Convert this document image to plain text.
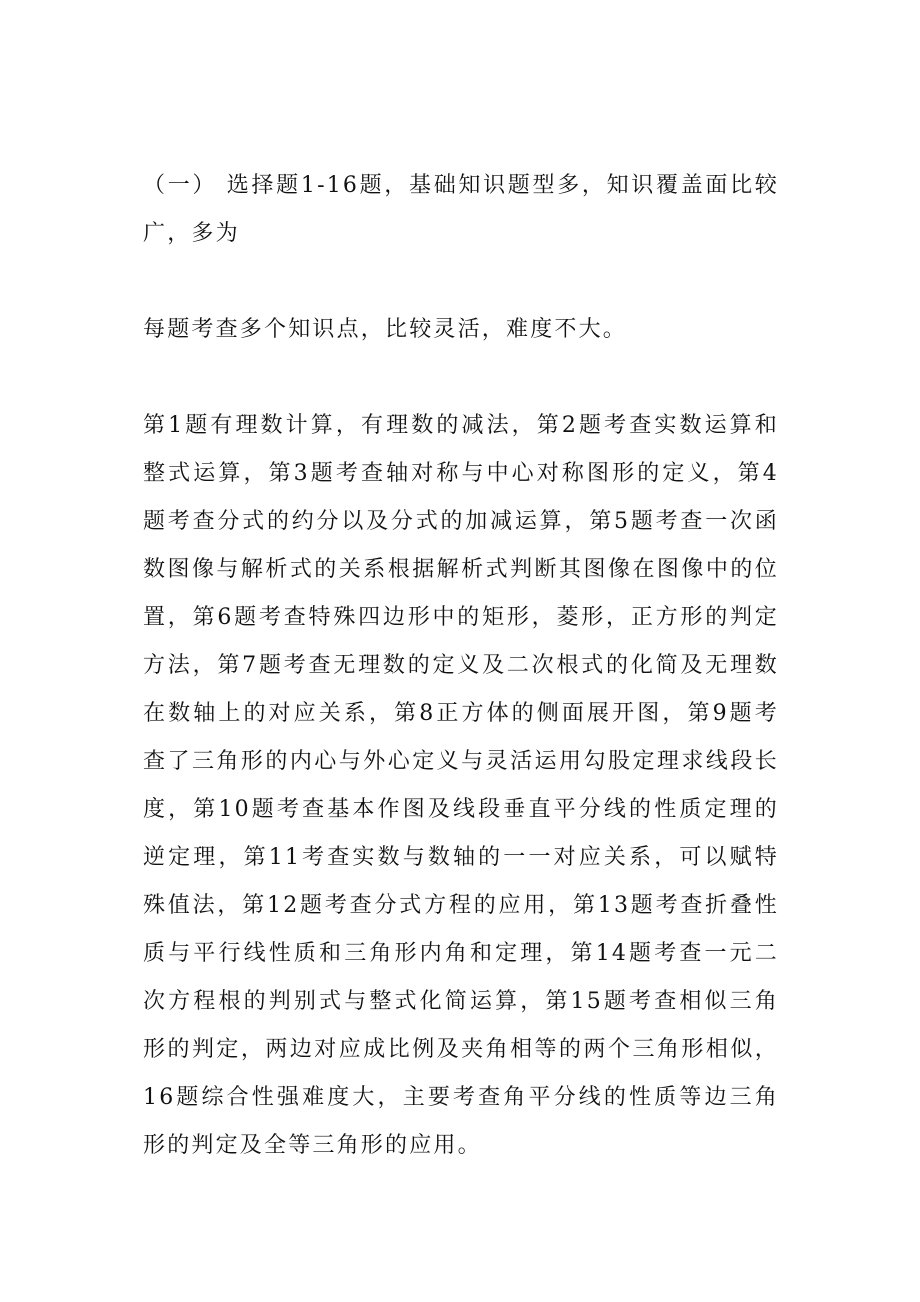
（一） 选择题1-16题，基础知识题型多，知识覆盖面比较广，多为

每题考查多个知识点，比较灵活，难度不大。

第1题有理数计算，有理数的减法，第2题考查实数运算和整式运算，第3题考查轴对称与中心对称图形的定义，第4题考查分式的约分以及分式的加减运算，第5题考查一次函数图像与解析式的关系根据解析式判断其图像在图像中的位置，第6题考查特殊四边形中的矩形，菱形，正方形的判定方法，第7题考查无理数的定义及二次根式的化简及无理数在数轴上的对应关系，第8正方体的侧面展开图，第9题考查了三角形的内心与外心定义与灵活运用勾股定理求线段长度，第10题考查基本作图及线段垂直平分线的性质定理的逆定理，第11考查实数与数轴的一一对应关系，可以赋特殊值法，第12题考查分式方程的应用，第13题考查折叠性质与平行线性质和三角形内角和定理，第14题考查一元二次方程根的判别式与整式化简运算，第15题考查相似三角形的判定，两边对应成比例及夹角相等的两个三角形相似，16题综合性强难度大，主要考查角平分线的性质等边三角形的判定及全等三角形的应用。
